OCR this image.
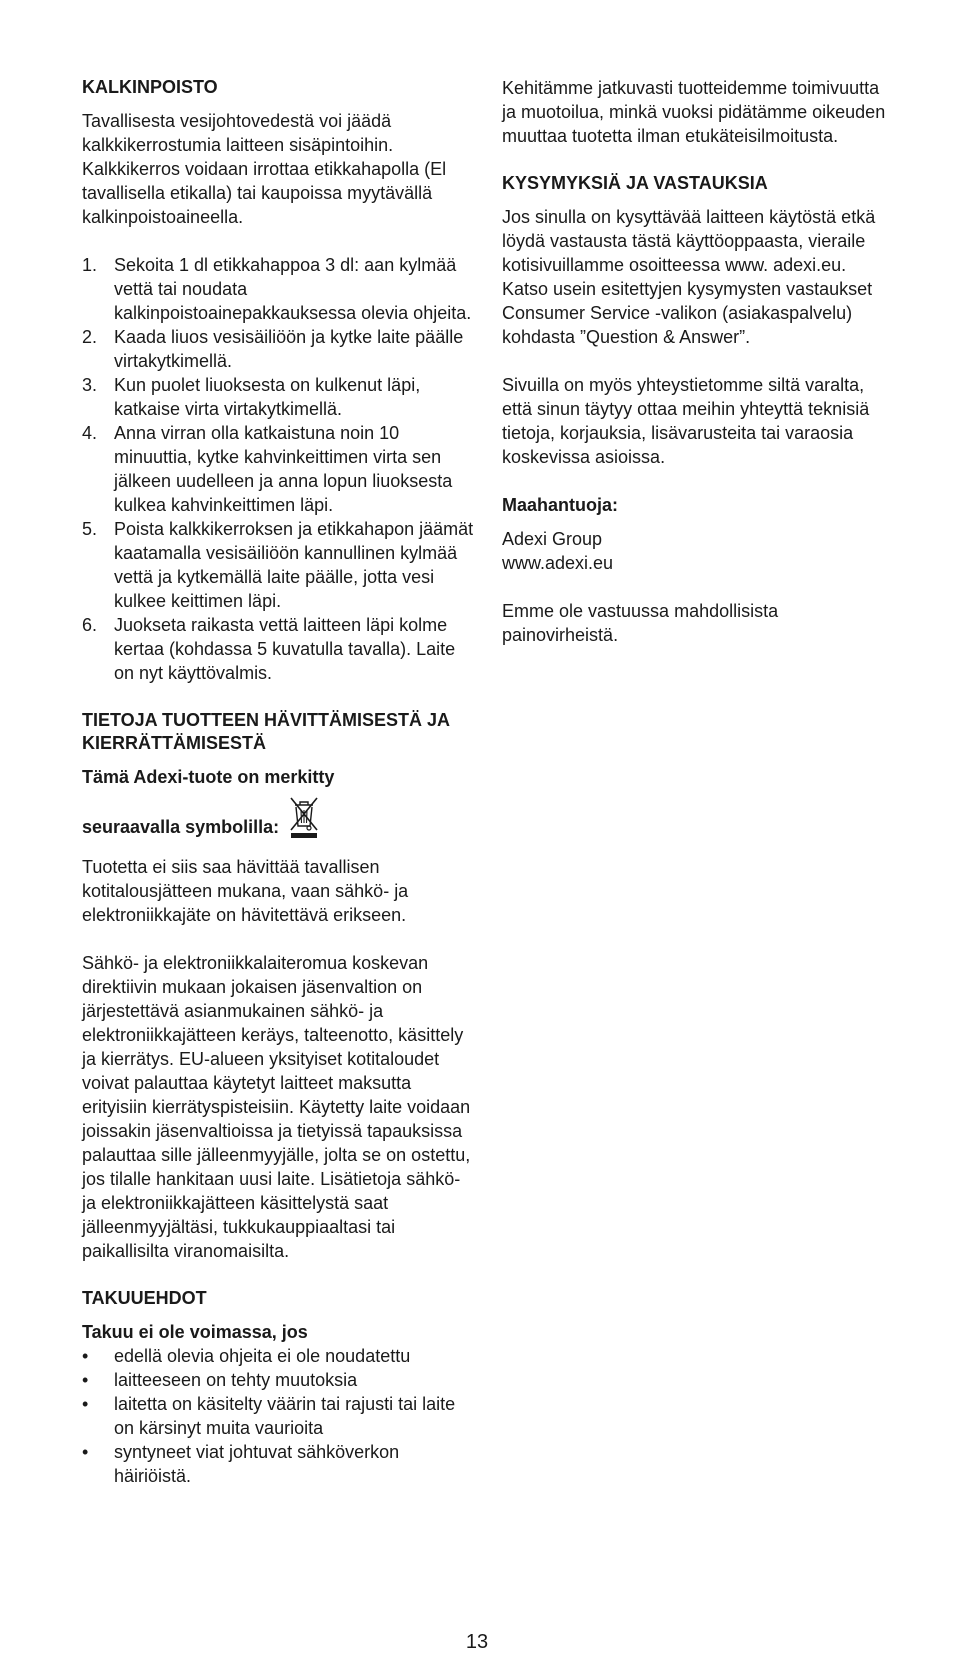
KALKINPOISTO

Tavallisesta vesijohtovedestä voi jäädä kalkkikerrostumia laitteen sisäpintoihin. Kalkkikerros voidaan irrottaa etikkahapolla (El tavallisella etikalla) tai kaupoissa myytävällä kalkinpoistoaineella.

1. Sekoita 1 dl etikkahappoa 3 dl: aan kylmää vettä tai noudata kalkinpoistoainepakkauksessa olevia ohjeita.
2. Kaada liuos vesisäiliöön ja kytke laite päälle virtakytkimellä.
3. Kun puolet liuoksesta on kulkenut läpi, katkaise virta virtakytkimellä.
4. Anna virran olla katkaistuna noin 10 minuuttia, kytke kahvinkeittimen virta sen jälkeen uudelleen ja anna lopun liuoksesta kulkea kahvinkeittimen läpi.
5. Poista kalkkikerroksen ja etikkahapon jäämät kaatamalla vesisäiliöön kannullinen kylmää vettä ja kytkemällä laite päälle, jotta vesi kulkee keittimen läpi.
6. Juokseta raikasta vettä laitteen läpi kolme kertaa (kohdassa 5 kuvatulla tavalla). Laite on nyt käyttövalmis.
TIETOJA TUOTTEEN HÄVITTÄMISESTÄ JA KIERRÄTTÄMISESTÄ

Tämä Adexi-tuote on merkitty

seuraavalla symbolilla:

Tuotetta ei siis saa hävittää tavallisen kotitalousjätteen mukana, vaan sähkö- ja elektroniikkajäte on hävitettävä erikseen.

Sähkö- ja elektroniikkalaiteromua koskevan direktiivin mukaan jokaisen jäsenvaltion on järjestettävä asianmukainen sähkö- ja elektroniikkajätteen keräys, talteenotto, käsittely ja kierrätys. EU-alueen yksityiset kotitaloudet voivat palauttaa käytetyt laitteet maksutta erityisiin kierrätyspisteisiin. Käytetty laite voidaan joissakin jäsenvaltioissa ja tietyissä tapauksissa palauttaa sille jälleenmyyjälle, jolta se on ostettu, jos tilalle hankitaan uusi laite. Lisätietoja sähkö- ja elektroniikkajätteen käsittelystä saat jälleenmyyjältäsi, tukkukauppiaaltasi tai paikallisilta viranomaisilta.

TAKUUEHDOT

Takuu ei ole voimassa, jos

• edellä olevia ohjeita ei ole noudatettu
• laitteeseen on tehty muutoksia
• laitetta on käsitelty väärin tai rajusti tai laite on kärsinyt muita vaurioita
• syntyneet viat johtuvat sähköverkon häiriöistä.

Kehitämme jatkuvasti tuotteidemme toimivuutta ja muotoilua, minkä vuoksi pidätämme oikeuden muuttaa tuotetta ilman etukäteisilmoitusta.

KYSYMYKSIÄ JA VASTAUKSIA

Jos sinulla on kysyttävää laitteen käytöstä etkä löydä vastausta tästä käyttöoppaasta, vieraile kotisivuillamme osoitteessa www. adexi.eu.

Katso usein esitettyjen kysymysten vastaukset Consumer Service -valikon (asiakaspalvelu) kohdasta ”Question & Answer”.

Sivuilla on myös yhteystietomme siltä varalta, että sinun täytyy ottaa meihin yhteyttä teknisiä tietoja, korjauksia, lisävarusteita tai varaosia koskevissa asioissa.

Maahantuoja:

Adexi Group

www.adexi.eu

Emme ole vastuussa mahdollisista painovirheistä.

13
